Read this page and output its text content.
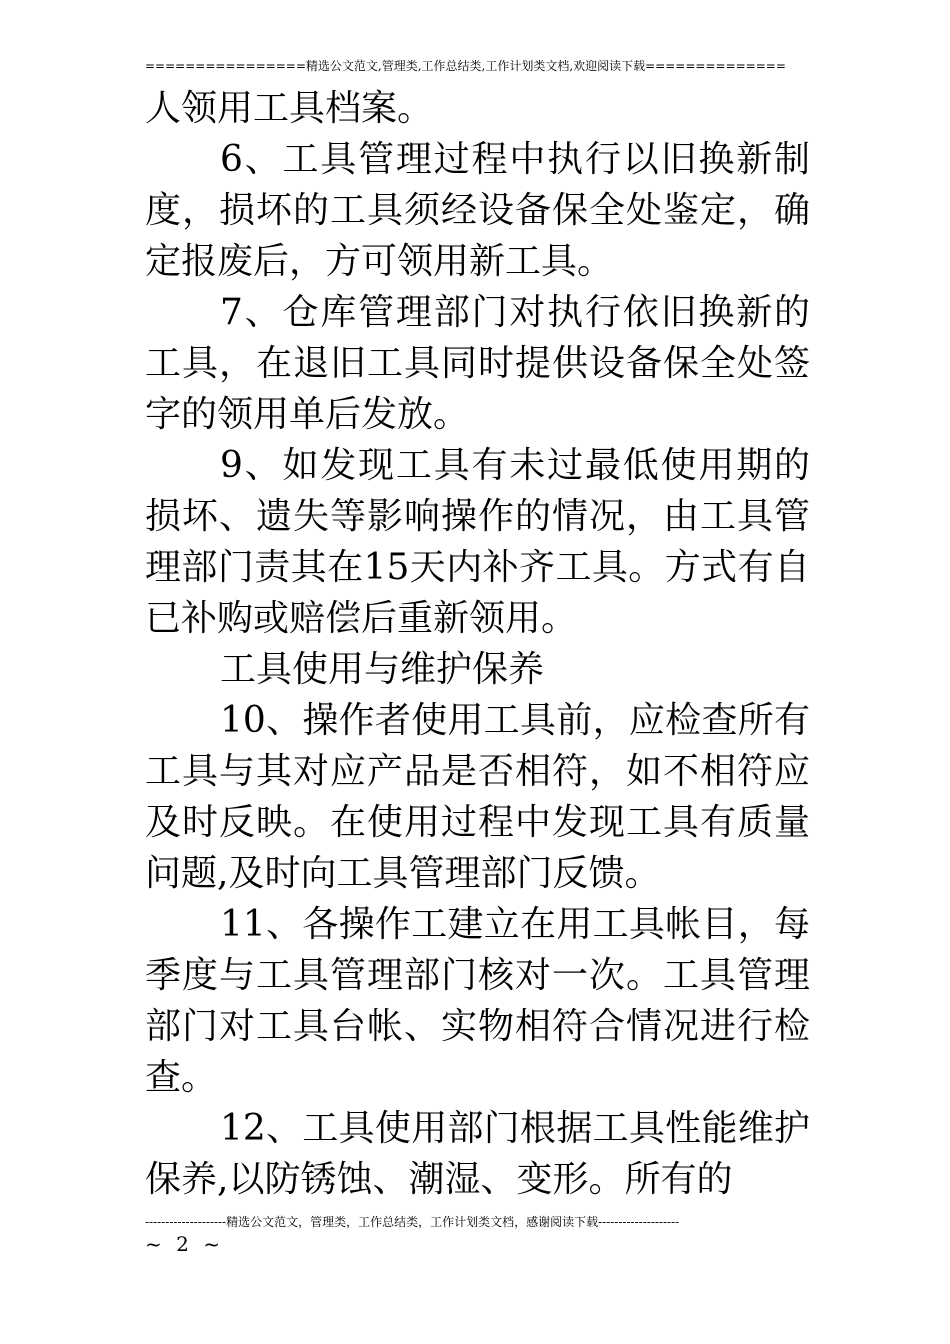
================精选公文范文,管理类,工作总结类,工作计划类文档,欢迎阅读下载==============

人领用工具档案。

6、工具管理过程中执行以旧换新制度，损坏的工具须经设备保全处鉴定，确定报废后，方可领用新工具。

7、仓库管理部门对执行依旧换新的工具，在退旧工具同时提供设备保全处签字的领用单后发放。

9、如发现工具有未过最低使用期的损坏、遗失等影响操作的情况，由工具管理部门责其在15天内补齐工具。方式有自已补购或赔偿后重新领用。

工具使用与维护保养

10、操作者使用工具前，应检查所有工具与其对应产品是否相符，如不相符应及时反映。在使用过程中发现工具有质量问题,及时向工具管理部门反馈。

11、各操作工建立在用工具帐目，每季度与工具管理部门核对一次。工具管理部门对工具台帐、实物相符合情况进行检查。

12、工具使用部门根据工具性能维护保养,以防锈蚀、潮湿、变形。所有的

--------------------精选公文范文，管理类，工作总结类，工作计划类文档，感谢阅读下载--------------------
~ 2 ~
